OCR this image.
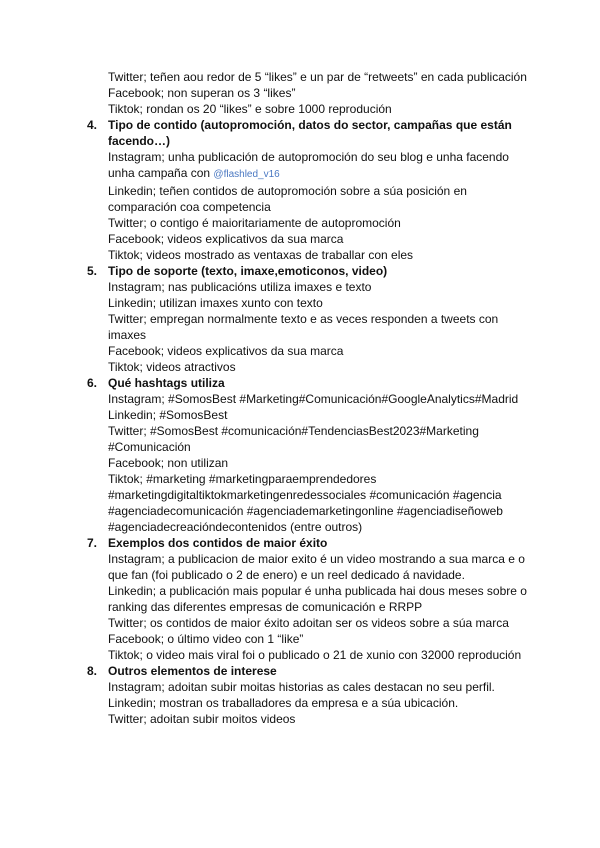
Twitter; teñen aou redor de 5 “likes” e un par de “retweets” en cada publicación
Facebook; non superan os 3 “likes”
Tiktok; rondan os 20 “likes” e sobre 1000 reprodución
4. Tipo de contido (autopromoción, datos do sector, campañas que están facendo…)
Instagram; unha publicación de autopromoción do seu blog e unha facendo unha campaña con @flashled_v16
Linkedin; teñen contidos de autopromoción sobre a súa posición en comparación coa competencia
Twitter; o contigo é maioritariamente de autopromoción
Facebook; videos explicativos da sua marca
Tiktok; videos mostrado as ventaxas de traballar con eles
5. Tipo de soporte (texto, imaxe,emoticonos, video)
Instagram; nas publicacións utiliza imaxes e texto
Linkedin; utilizan imaxes xunto con texto
Twitter; empregan normalmente texto e as veces responden a tweets con imaxes
Facebook; videos explicativos da sua marca
Tiktok; videos atractivos
6. Qué hashtags utiliza
Instagram; #SomosBest #Marketing#Comunicación#GoogleAnalytics#Madrid
Linkedin; #SomosBest
Twitter; #SomosBest #comunicación#TendenciasBest2023#Marketing #Comunicación
Facebook; non utilizan
Tiktok; #marketing #marketingparaemprendedores #marketingdigitaltiktokmarketingenredessociales #comunicación #agencia #agenciadecomunicación #agenciademarketingonline #agenciadiseñoweb #agenciadecreacióndecontenidos (entre outros)
7. Exemplos dos contidos de maior éxito
Instagram; a publicacion de maior exito é un video mostrando a sua marca e o que fan (foi publicado o 2 de enero) e un reel dedicado á navidade.
Linkedin; a publicación mais popular é unha publicada hai dous meses sobre o ranking das diferentes empresas de comunicación e RRPP
Twitter; os contidos de maior éxito adoitan ser os videos sobre a súa marca
Facebook; o último video con 1 “like”
Tiktok; o video mais viral foi o publicado o 21 de xunio con 32000 reprodución
8. Outros elementos de interese
Instagram; adoitan subir moitas historias as cales destacan no seu perfil.
Linkedin; mostran os traballadores da empresa e a súa ubicación.
Twitter; adoitan subir moitos videos
